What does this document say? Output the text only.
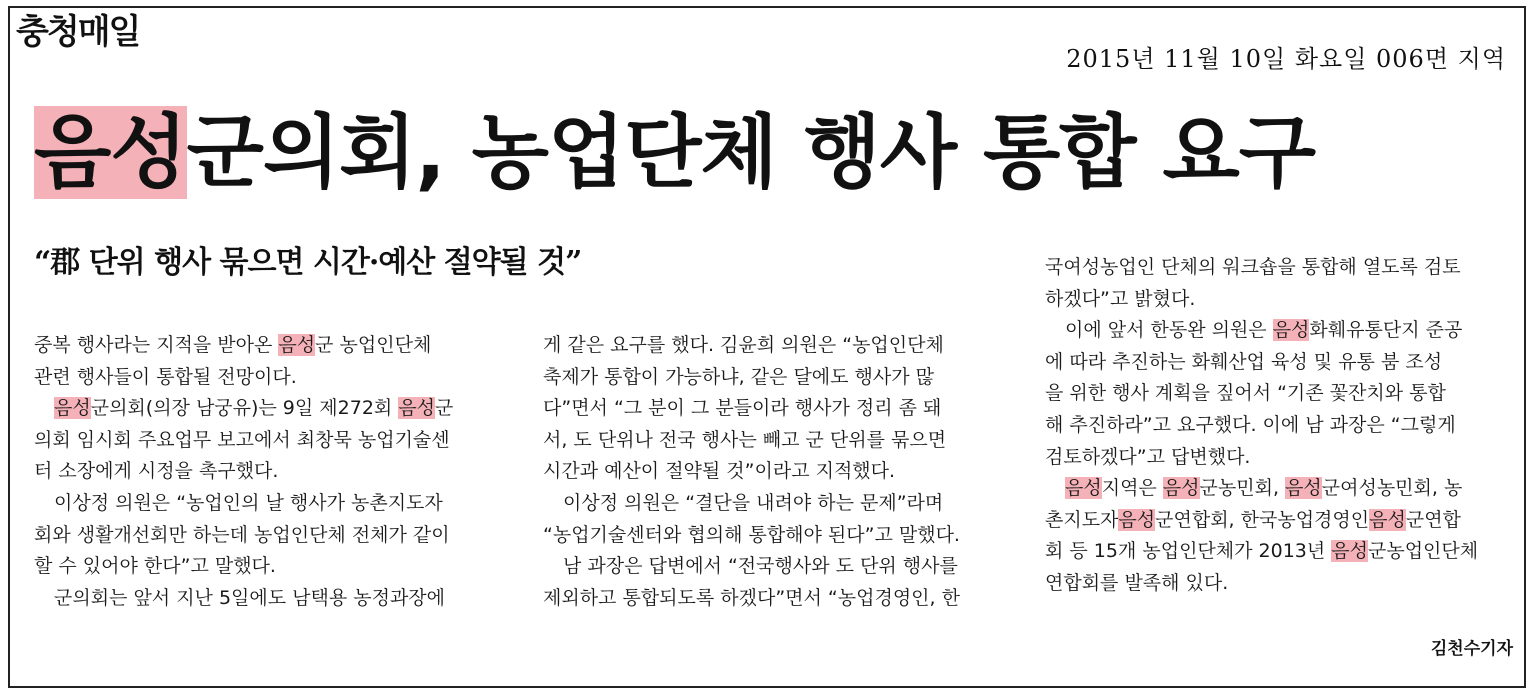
충청매일
2015년 11월 10일 화요일 006면 지역
음성군의회, 농업단체 행사 통합 요구
“郡 단위 행사 묶으면 시간·예산 절약될 것”

중복 행사라는 지적을 받아온 음성군 농업인단체

관련 행사들이 통합될 전망이다.

음성군의회(의장 남궁유)는 9일 제272회 음성군

의회 임시회 주요업무 보고에서 최창묵 농업기술센

터 소장에게 시정을 촉구했다.

이상정 의원은 “농업인의 날 행사가 농촌지도자

회와 생활개선회만 하는데 농업인단체 전체가 같이

할 수 있어야 한다”고 말했다.

군의회는 앞서 지난 5일에도 남택용 농정과장에

게 같은 요구를 했다. 김윤희 의원은 “농업인단체

축제가 통합이 가능하냐, 같은 달에도 행사가 많

다”면서 “그 분이 그 분들이라 행사가 정리 좀 돼

서, 도 단위나 전국 행사는 빼고 군 단위를 묶으면

시간과 예산이 절약될 것”이라고 지적했다.

이상정 의원은 “결단을 내려야 하는 문제”라며

“농업기술센터와 협의해 통합해야 된다”고 말했다.

남 과장은 답변에서 “전국행사와 도 단위 행사를

제외하고 통합되도록 하겠다”면서 “농업경영인, 한

국여성농업인 단체의 워크숍을 통합해 열도록 검토

하겠다”고 밝혔다.

이에 앞서 한동완 의원은 음성화훼유통단지 준공

에 따라 추진하는 화훼산업 육성 및 유통 붐 조성

을 위한 행사 계획을 짚어서 “기존 꽃잔치와 통합

해 추진하라”고 요구했다. 이에 남 과장은 “그렇게

검토하겠다”고 답변했다.

음성지역은 음성군농민회, 음성군여성농민회, 농

촌지도자음성군연합회, 한국농업경영인음성군연합

회 등 15개 농업인단체가 2013년 음성군농업인단체

연합회를 발족해 있다.

김천수기자
